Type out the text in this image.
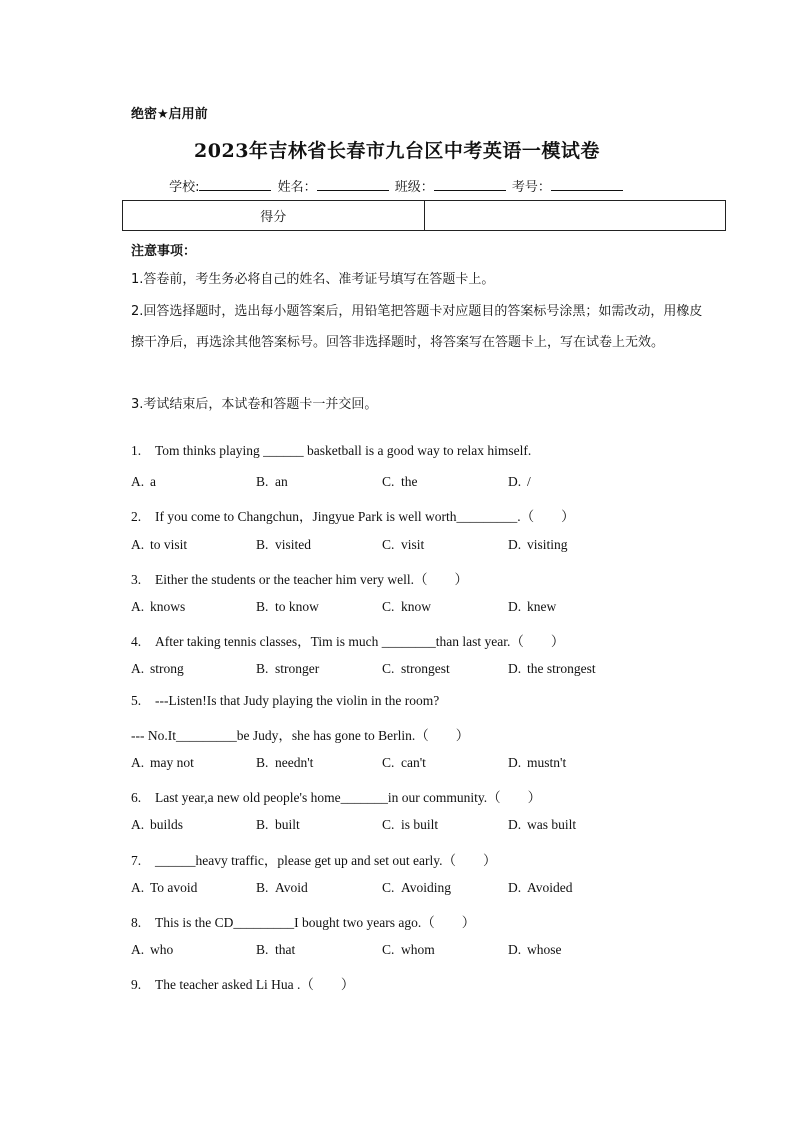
绝密★启用前
2023年吉林省长春市九台区中考英语一模试卷
学校:	姓名：	班级：	考号：
得分	
注意事项：
1.答卷前，考生务必将自己的姓名、准考证号填写在答题卡上。
2.回答选择题时，选出每小题答案后，用铅笔把答题卡对应题目的答案标号涂黑；如需改动，用橡皮擦干净后，再选涂其他答案标号。回答非选择题时，将答案写在答题卡上，写在试卷上无效。
3.考试结束后，本试卷和答题卡一并交回。
1. Tom thinks playing ______ basketball is a good way to relax himself.
A. a	B. an	C. the	D. /
2. If you come to Changchun，Jingyue Park is well worth_________.（        ）
A. to visit	B. visited	C. visit	D. visiting
3. Either the students or the teacher him very well.（        ）
A. knows	B. to know	C. know	D. knew
4. After taking tennis classes，Tim is much ________than last year.（        ）
A. strong	B. stronger	C. strongest	D. the strongest
5. ---Listen!Is that Judy playing the violin in the room?
--- No.It_________be Judy，she has gone to Berlin.（        ）
A. may not	B. needn't	C. can't	D. mustn't
6. Last year,a new old people's home_______in our community.（        ）
A. builds	B. built	C. is built	D. was built
7. ______heavy traffic，please get up and set out early.（        ）
A. To avoid	B. Avoid	C. Avoiding	D. Avoided
8. This is the CD_________I bought two years ago.（        ）
A. who	B. that	C. whom	D. whose
9. The teacher asked Li Hua .（        ）
